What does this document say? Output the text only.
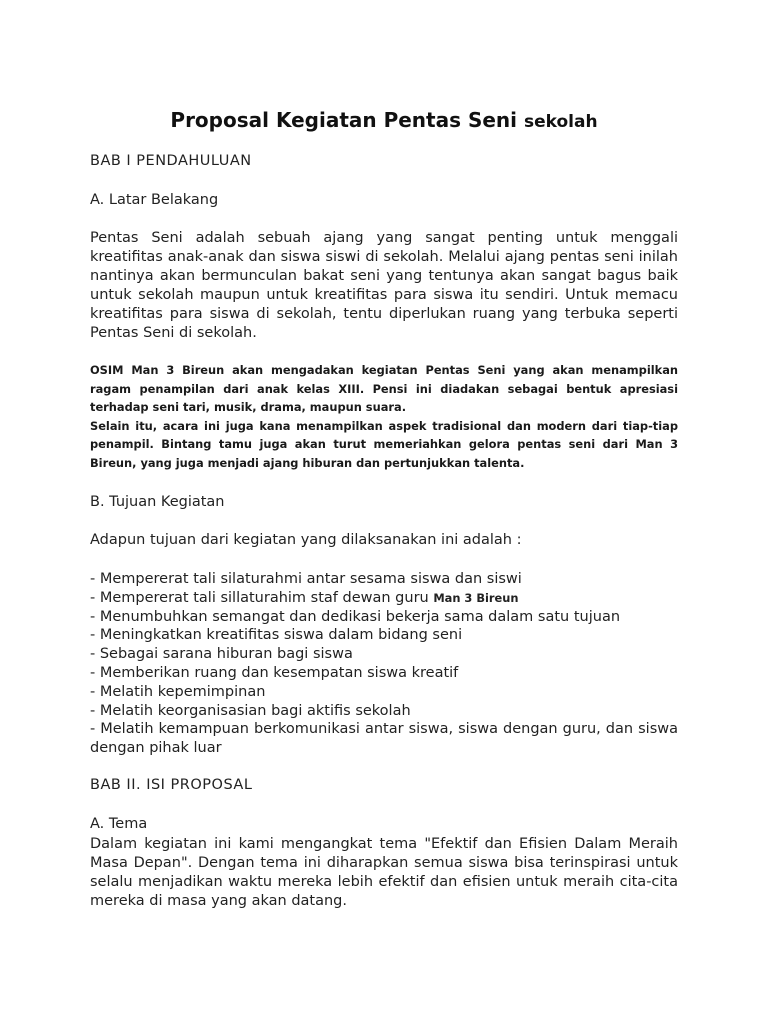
Proposal Kegiatan Pentas Seni sekolah
BAB I PENDAHULUAN
A. Latar Belakang
Pentas Seni adalah sebuah ajang yang sangat penting untuk menggali kreatifitas anak-anak dan siswa siswi di sekolah. Melalui ajang pentas seni inilah nantinya akan bermunculan bakat seni yang tentunya akan sangat bagus baik untuk sekolah maupun untuk kreatifitas para siswa itu sendiri. Untuk memacu kreatifitas para siswa di sekolah, tentu diperlukan ruang yang terbuka seperti Pentas Seni di sekolah.

OSIM Man 3 Bireun akan mengadakan kegiatan Pentas Seni yang akan menampilkan ragam penampilan dari anak kelas XIII. Pensi ini diadakan sebagai bentuk apresiasi terhadap seni tari, musik, drama, maupun suara.

Selain itu, acara ini juga kana menampilkan aspek tradisional dan modern dari tiap-tiap penampil. Bintang tamu juga akan turut memeriahkan gelora pentas seni dari Man 3 Bireun, yang juga menjadi ajang hiburan dan pertunjukkan talenta.

B. Tujuan Kegiatan
Adapun tujuan dari kegiatan yang dilaksanakan ini adalah :
- Mempererat tali silaturahmi antar sesama siswa dan siswi
- Mempererat tali sillaturahim staf dewan guru Man 3 Bireun
- Menumbuhkan semangat dan dedikasi bekerja sama dalam satu tujuan
- Meningkatkan kreatifitas siswa dalam bidang seni
- Sebagai sarana hiburan bagi siswa
- Memberikan ruang dan kesempatan siswa kreatif
- Melatih kepemimpinan
- Melatih keorganisasian bagi aktifis sekolah
- Melatih kemampuan berkomunikasi antar siswa, siswa dengan guru, dan siswa dengan pihak luar
BAB II. ISI PROPOSAL
A. Tema
Dalam kegiatan ini kami mengangkat tema "Efektif dan Efisien Dalam Meraih Masa Depan". Dengan tema ini diharapkan semua siswa bisa terinspirasi untuk selalu menjadikan waktu mereka lebih efektif dan efisien untuk meraih cita-cita mereka di masa yang akan datang.
